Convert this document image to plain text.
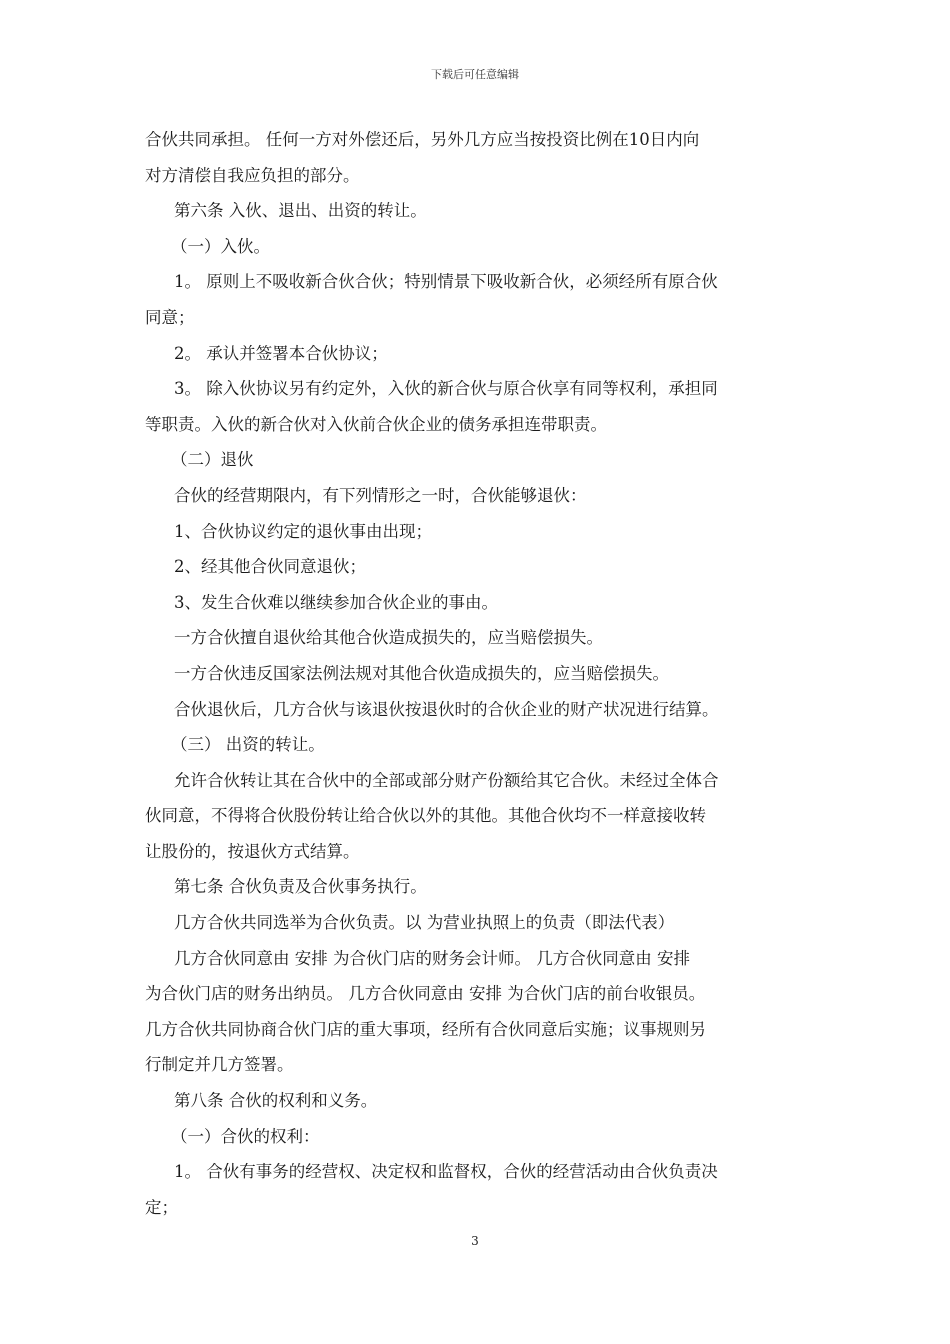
下载后可任意编辑
合伙共同承担。 任何一方对外偿还后，另外几方应当按投资比例在10日内向
对方清偿自我应负担的部分。
第六条 入伙、退出、出资的转让。
（一）入伙。
1。 原则上不吸收新合伙合伙；特别情景下吸收新合伙，必须经所有原合伙
同意；
2。 承认并签署本合伙协议；
3。 除入伙协议另有约定外，入伙的新合伙与原合伙享有同等权利，承担同
等职责。入伙的新合伙对入伙前合伙企业的债务承担连带职责。
（二）退伙
合伙的经营期限内，有下列情形之一时，合伙能够退伙：
1、合伙协议约定的退伙事由出现；
2、经其他合伙同意退伙；
3、发生合伙难以继续参加合伙企业的事由。
一方合伙擅自退伙给其他合伙造成损失的，应当赔偿损失。
一方合伙违反国家法例法规对其他合伙造成损失的，应当赔偿损失。
合伙退伙后，几方合伙与该退伙按退伙时的合伙企业的财产状况进行结算。
（三） 出资的转让。
允许合伙转让其在合伙中的全部或部分财产份额给其它合伙。未经过全体合
伙同意，不得将合伙股份转让给合伙以外的其他。其他合伙均不一样意接收转
让股份的，按退伙方式结算。
第七条 合伙负责及合伙事务执行。
几方合伙共同选举为合伙负责。以 为营业执照上的负责（即法代表）
几方合伙同意由 安排 为合伙门店的财务会计师。 几方合伙同意由 安排
为合伙门店的财务出纳员。 几方合伙同意由 安排 为合伙门店的前台收银员。
几方合伙共同协商合伙门店的重大事项，经所有合伙同意后实施；议事规则另
行制定并几方签署。
第八条 合伙的权利和义务。
（一）合伙的权利：
1。 合伙有事务的经营权、决定权和监督权，合伙的经营活动由合伙负责决
定；
3
